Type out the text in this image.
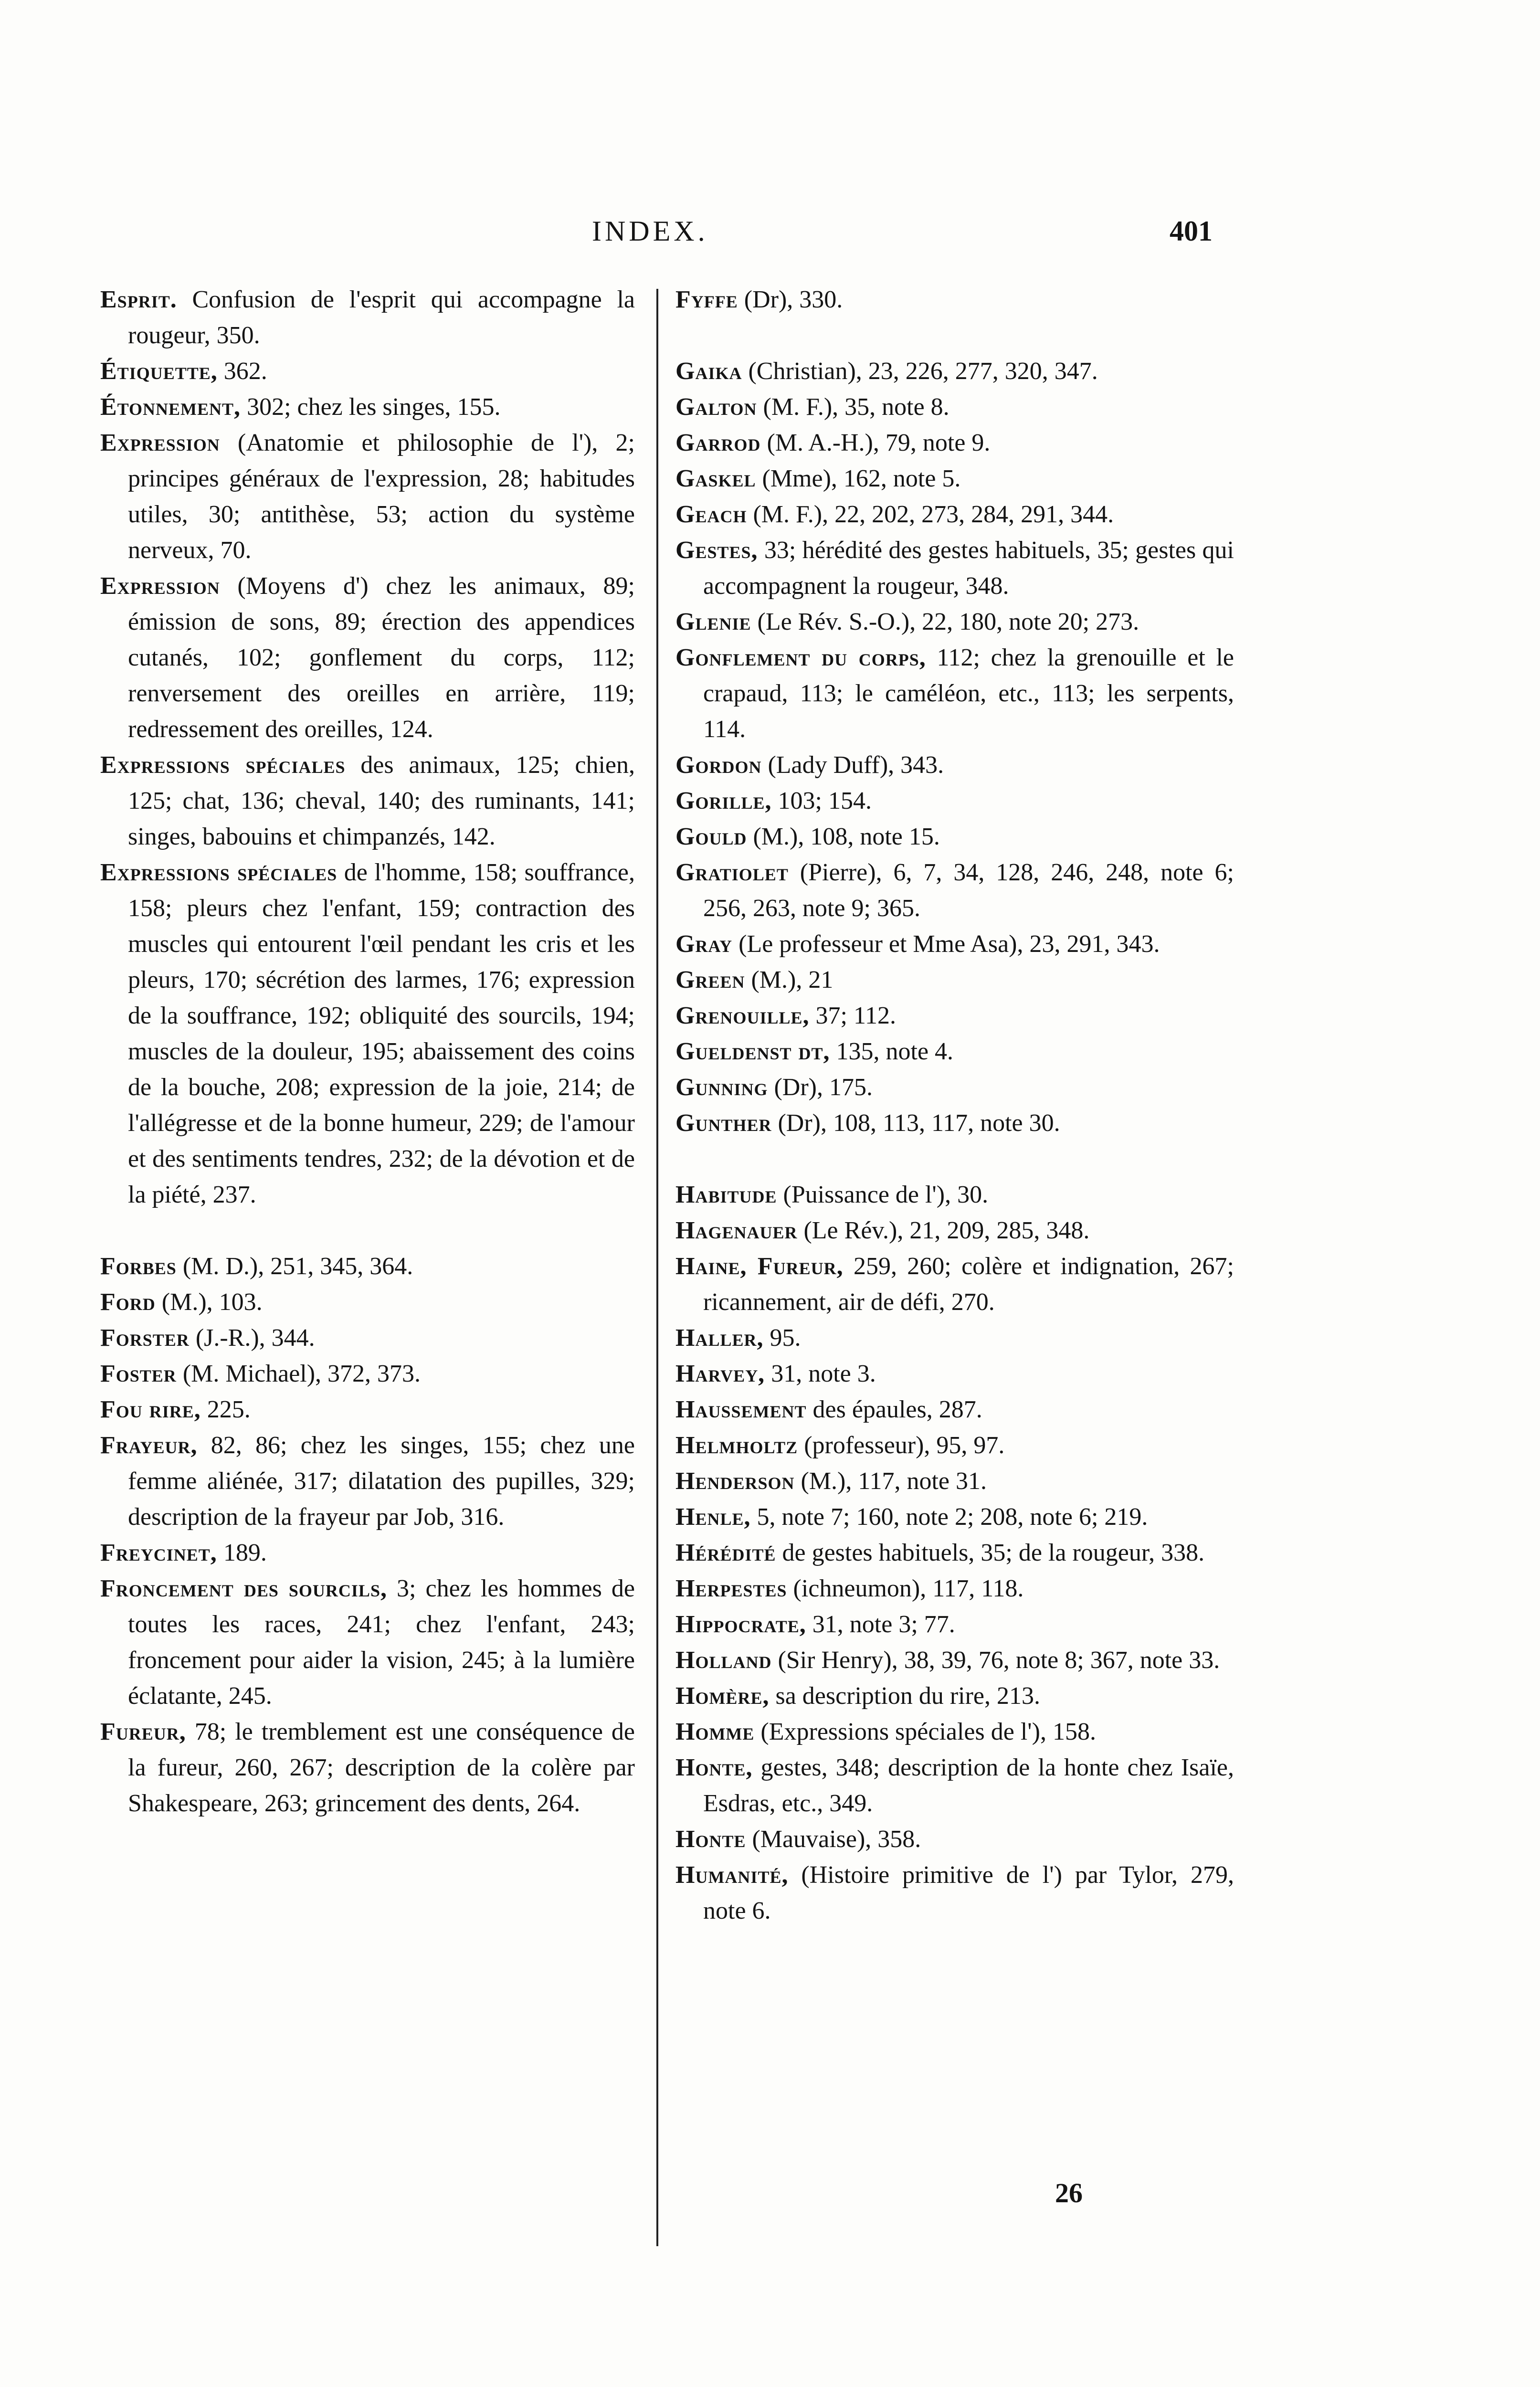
INDEX.	401

Esprit. Confusion de l'esprit qui accompagne la rougeur, 350.

Étiquette, 362.

Étonnement, 302; chez les singes, 155.

Expression (Anatomie et philosophie de l'), 2; principes généraux de l'expression, 28; habitudes utiles, 30; antithèse, 53; action du système nerveux, 70.

Expression (Moyens d') chez les animaux, 89; émission de sons, 89; érection des appendices cutanés, 102; gonflement du corps, 112; renversement des oreilles en arrière, 119; redressement des oreilles, 124.

Expressions spéciales des animaux, 125; chien, 125; chat, 136; cheval, 140; des ruminants, 141; singes, babouins et chimpanzés, 142.

Expressions spéciales de l'homme, 158; souffrance, 158; pleurs chez l'enfant, 159; contraction des muscles qui entourent l'œil pendant les cris et les pleurs, 170; sécrétion des larmes, 176; expression de la souffrance, 192; obliquité des sourcils, 194; muscles de la douleur, 195; abaissement des coins de la bouche, 208; expression de la joie, 214; de l'allégresse et de la bonne humeur, 229; de l'amour et des sentiments tendres, 232; de la dévotion et de la piété, 237.

Forbes (M. D.), 251, 345, 364.

Ford (M.), 103.

Forster (J.-R.), 344.

Foster (M. Michael), 372, 373.

Fou rire, 225.

Frayeur, 82, 86; chez les singes, 155; chez une femme aliénée, 317; dilatation des pupilles, 329; description de la frayeur par Job, 316.

Freycinet, 189.

Froncement des sourcils, 3; chez les hommes de toutes les races, 241; chez l'enfant, 243; froncement pour aider la vision, 245; à la lumière éclatante, 245.

Fureur, 78; le tremblement est une conséquence de la fureur, 260, 267; description de la colère par Shakespeare, 263; grincement des dents, 264.

Fyffe (Dr), 330.

Gaika (Christian), 23, 226, 277, 320, 347.

Galton (M. F.), 35, note 8.

Garrod (M. A.-H.), 79, note 9.

Gaskel (Mme), 162, note 5.

Geach (M. F.), 22, 202, 273, 284, 291, 344.

Gestes, 33; hérédité des gestes habituels, 35; gestes qui accompagnent la rougeur, 348.

Glenie (Le Rév. S.-O.), 22, 180, note 20; 273.

Gonflement du corps, 112; chez la grenouille et le crapaud, 113; le caméléon, etc., 113; les serpents, 114.

Gordon (Lady Duff), 343.

Gorille, 103; 154.

Gould (M.), 108, note 15.

Gratiolet (Pierre), 6, 7, 34, 128, 246, 248, note 6; 256, 263, note 9; 365.

Gray (Le professeur et Mme Asa), 23, 291, 343.

Green (M.), 21

Grenouille, 37; 112.

Gueldenst dt, 135, note 4.

Gunning (Dr), 175.

Gunther (Dr), 108, 113, 117, note 30.

Habitude (Puissance de l'), 30.

Hagenauer (Le Rév.), 21, 209, 285, 348.

Haine, Fureur, 259, 260; colère et indignation, 267; ricannement, air de défi, 270.

Haller, 95.

Harvey, 31, note 3.

Haussement des épaules, 287.

Helmholtz (professeur), 95, 97.

Henderson (M.), 117, note 31.

Henle, 5, note 7; 160, note 2; 208, note 6; 219.

Hérédité de gestes habituels, 35; de la rougeur, 338.

Herpestes (ichneumon), 117, 118.

Hippocrate, 31, note 3; 77.

Holland (Sir Henry), 38, 39, 76, note 8; 367, note 33.

Homère, sa description du rire, 213.

Homme (Expressions spéciales de l'), 158.

Honte, gestes, 348; description de la honte chez Isaïe, Esdras, etc., 349.

Honte (Mauvaise), 358.

Humanité, (Histoire primitive de l') par Tylor, 279, note 6.

26
